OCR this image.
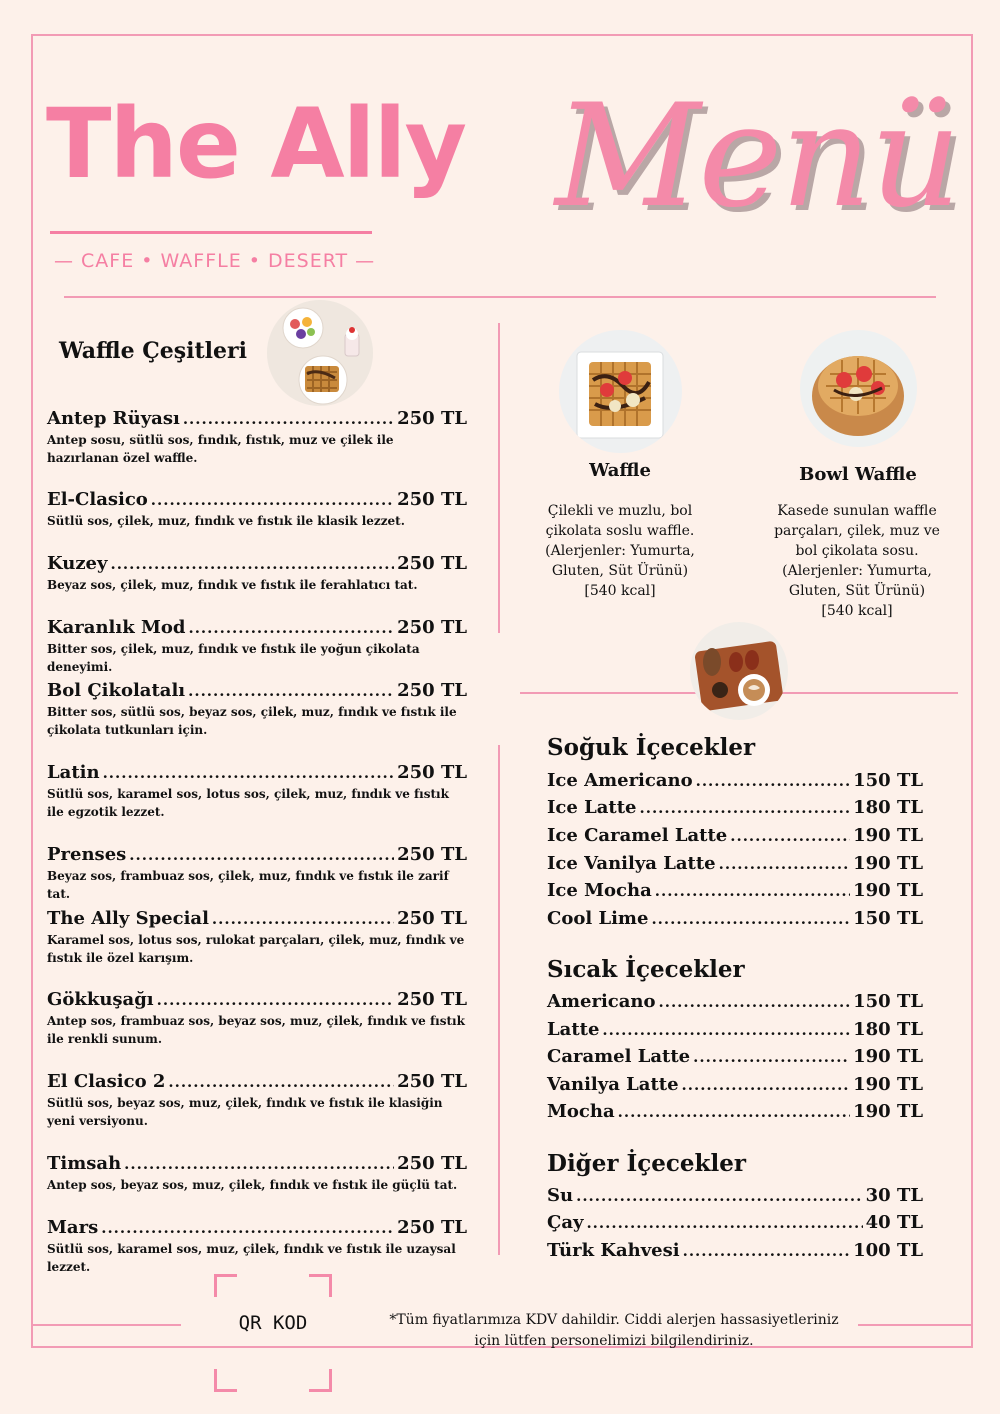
The Ally
— CAFE • WAFFLE • DESERT —
Menü
Waffle Çeşitleri
Antep Rüyası .....	250 TL
Antep sosu, sütlü sos, fındık, fıstık, muz ve çilek ile hazırlanan özel waffle.
El-Clasico .....	250 TL
Sütlü sos, çilek, muz, fındık ve fıstık ile klasik lezzet.
Kuzey .....	250 TL
Beyaz sos, çilek, muz, fındık ve fıstık ile ferahlatıcı tat.
Karanlık Mod .....	250 TL
Bitter sos, çilek, muz, fındık ve fıstık ile yoğun çikolata deneyimi.
Bol Çikolatalı .....	250 TL
Bitter sos, sütlü sos, beyaz sos, çilek, muz, fındık ve fıstık ile çikolata tutkunları için.
Latin .....	250 TL
Sütlü sos, karamel sos, lotus sos, çilek, muz, fındık ve fıstık ile egzotik lezzet.
Prenses .....	250 TL
Beyaz sos, frambuaz sos, çilek, muz, fındık ve fıstık ile zarif tat.
The Ally Special .....	250 TL
Karamel sos, lotus sos, rulokat parçaları, çilek, muz, fındık ve fıstık ile özel karışım.
Gökkuşağı .....	250 TL
Antep sos, frambuaz sos, beyaz sos, muz, çilek, fındık ve fıstık ile renkli sunum.
El Clasico 2 .....	250 TL
Sütlü sos, beyaz sos, muz, çilek, fındık ve fıstık ile klasiğin yeni versiyonu.
Timsah .....	250 TL
Antep sos, beyaz sos, muz, çilek, fındık ve fıstık ile güçlü tat.
Mars .....	250 TL
Sütlü sos, karamel sos, muz, çilek, fındık ve fıstık ile uzaysal lezzet.
Waffle
Çilekli ve muzlu, bol çikolata soslu waffle. (Alerjenler: Yumurta, Gluten, Süt Ürünü)
[540 kcal]
Bowl Waffle
Kasede sunulan waffle parçaları, çilek, muz ve bol çikolata sosu. (Alerjenler: Yumurta, Gluten, Süt Ürünü)
[540 kcal]
Soğuk İçecekler
Ice Americano .....	150 TL
Ice Latte .....	180 TL
Ice Caramel Latte .....	190 TL
Ice Vanilya Latte .....	190 TL
Ice Mocha .....	190 TL
Cool Lime .....	150 TL
Sıcak İçecekler
Americano .....	150 TL
Latte .....	180 TL
Caramel Latte .....	190 TL
Vanilya Latte .....	190 TL
Mocha .....	190 TL
Diğer İçecekler
Su .....	30 TL
Çay .....	40 TL
Türk Kahvesi .....	100 TL
QR KOD	*Tüm fiyatlarımıza KDV dahildir. Ciddi alerjen hassasiyetleriniz
için lütfen personelimizi bilgilendiriniz.
